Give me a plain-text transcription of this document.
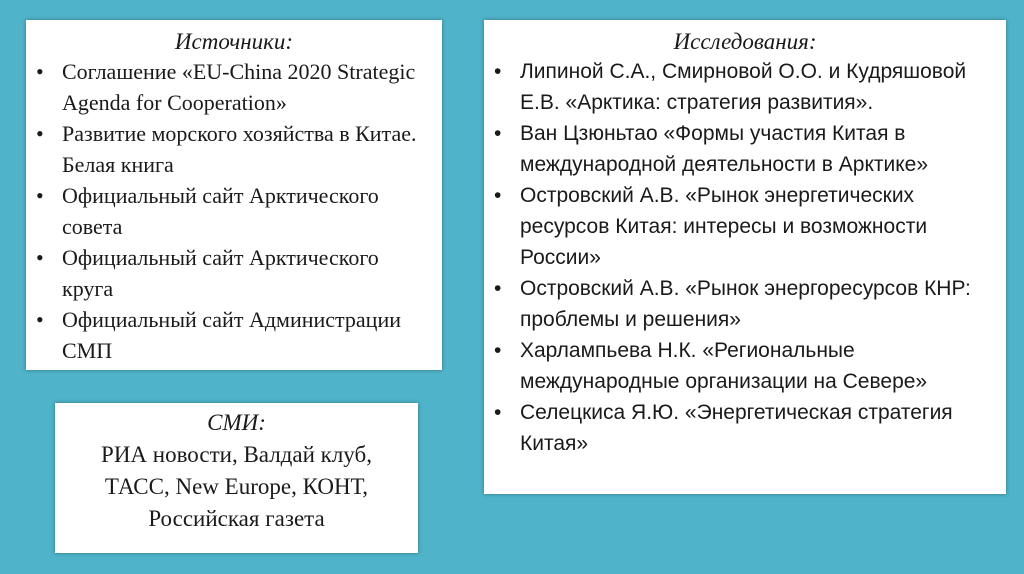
Источники:

• Соглашение «EU-China 2020 Strategic Agenda for Cooperation»
• Развитие морского хозяйства в Китае. Белая книга
• Официальный сайт Арктического совета
• Официальный сайт Арктического круга
• Официальный сайт Администрации СМП

Исследования:

• Липиной С.А., Смирновой О.О. и Кудряшовой Е.В. «Арктика: стратегия развития».
• Ван Цзюньтао «Формы участия Китая в международной деятельности в Арктике»
• Островский А.В. «Рынок энергетических ресурсов Китая: интересы и возможности России»
• Островский А.В. «Рынок энергоресурсов КНР: проблемы и решения»
• Харлампьева Н.К. «Региональные международные организации на Севере»
• Селецкиса Я.Ю. «Энергетическая стратегия Китая»

СМИ:

РИА новости, Валдай клуб,
ТАСС, New Europe, КОНТ,
Российская газета
